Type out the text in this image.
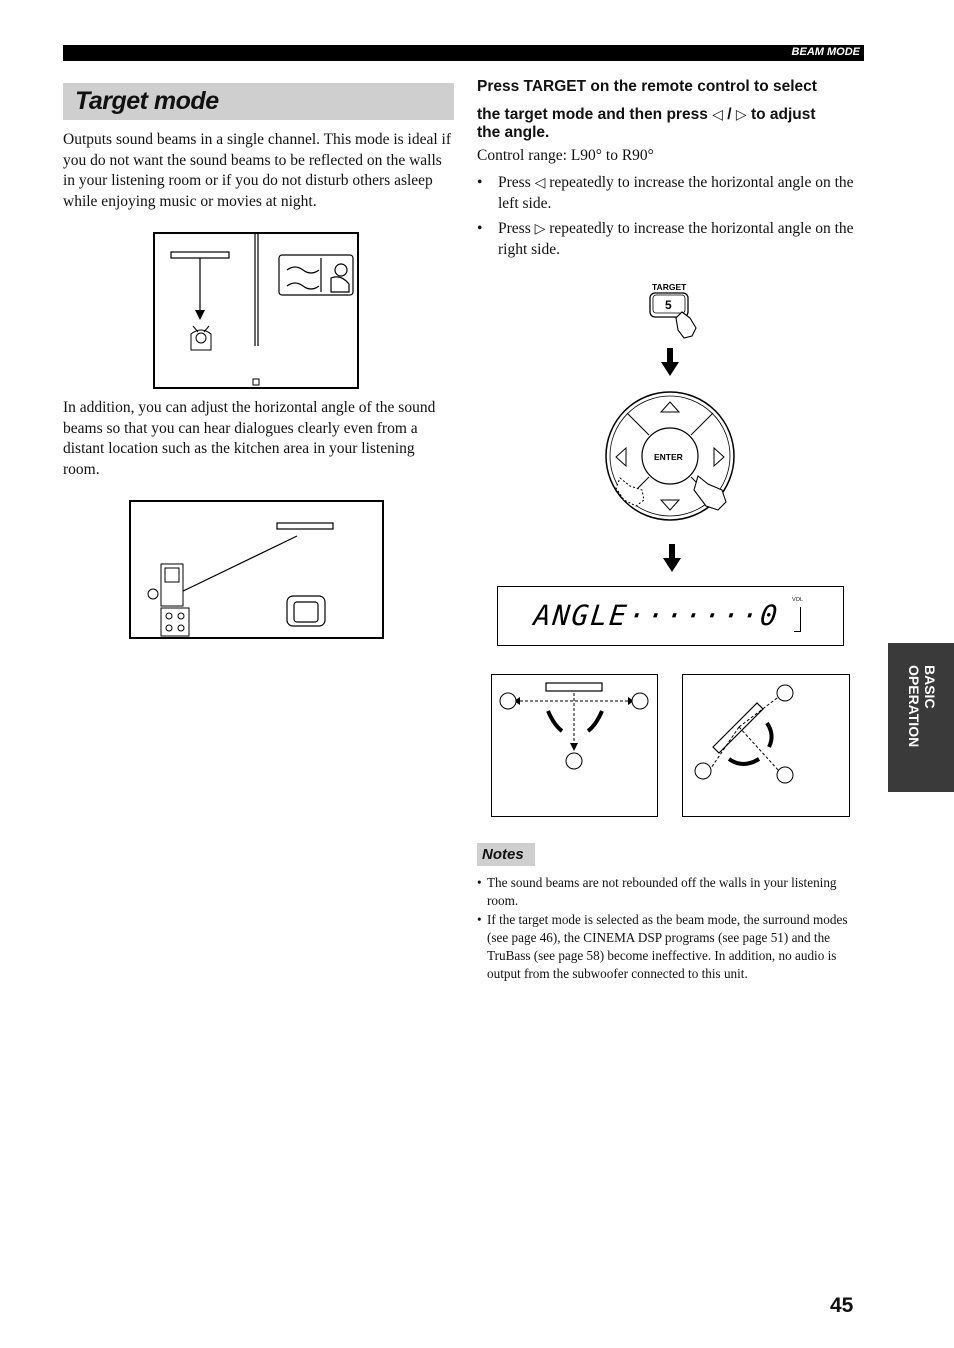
BEAM MODE
Target mode

Outputs sound beams in a single channel. This mode is ideal if you do not want the sound beams to be reflected on the walls in your listening room or if you do not disturb others asleep while enjoying music or movies at night.

In addition, you can adjust the horizontal angle of the sound beams so that you can hear dialogues clearly even from a distant location such as the kitchen area in your listening room.

Press TARGET on the remote control to select
the target mode and then press ◁ / ▷ to adjust
the angle.

Control range: L90° to R90°
• Press ◁ repeatedly to increase the horizontal angle on the left side.
• Press ▷ repeatedly to increase the horizontal angle on the right side.
TARGET
5
ENTER
ANGLE·······0 VOL
BASIC
OPERATION
Notes
• The sound beams are not rebounded off the walls in your listening room.
• If the target mode is selected as the beam mode, the surround modes (see page 46), the CINEMA DSP programs (see page 51) and the TruBass (see page 58) become ineffective. In addition, no audio is output from the subwoofer connected to this unit.
45
